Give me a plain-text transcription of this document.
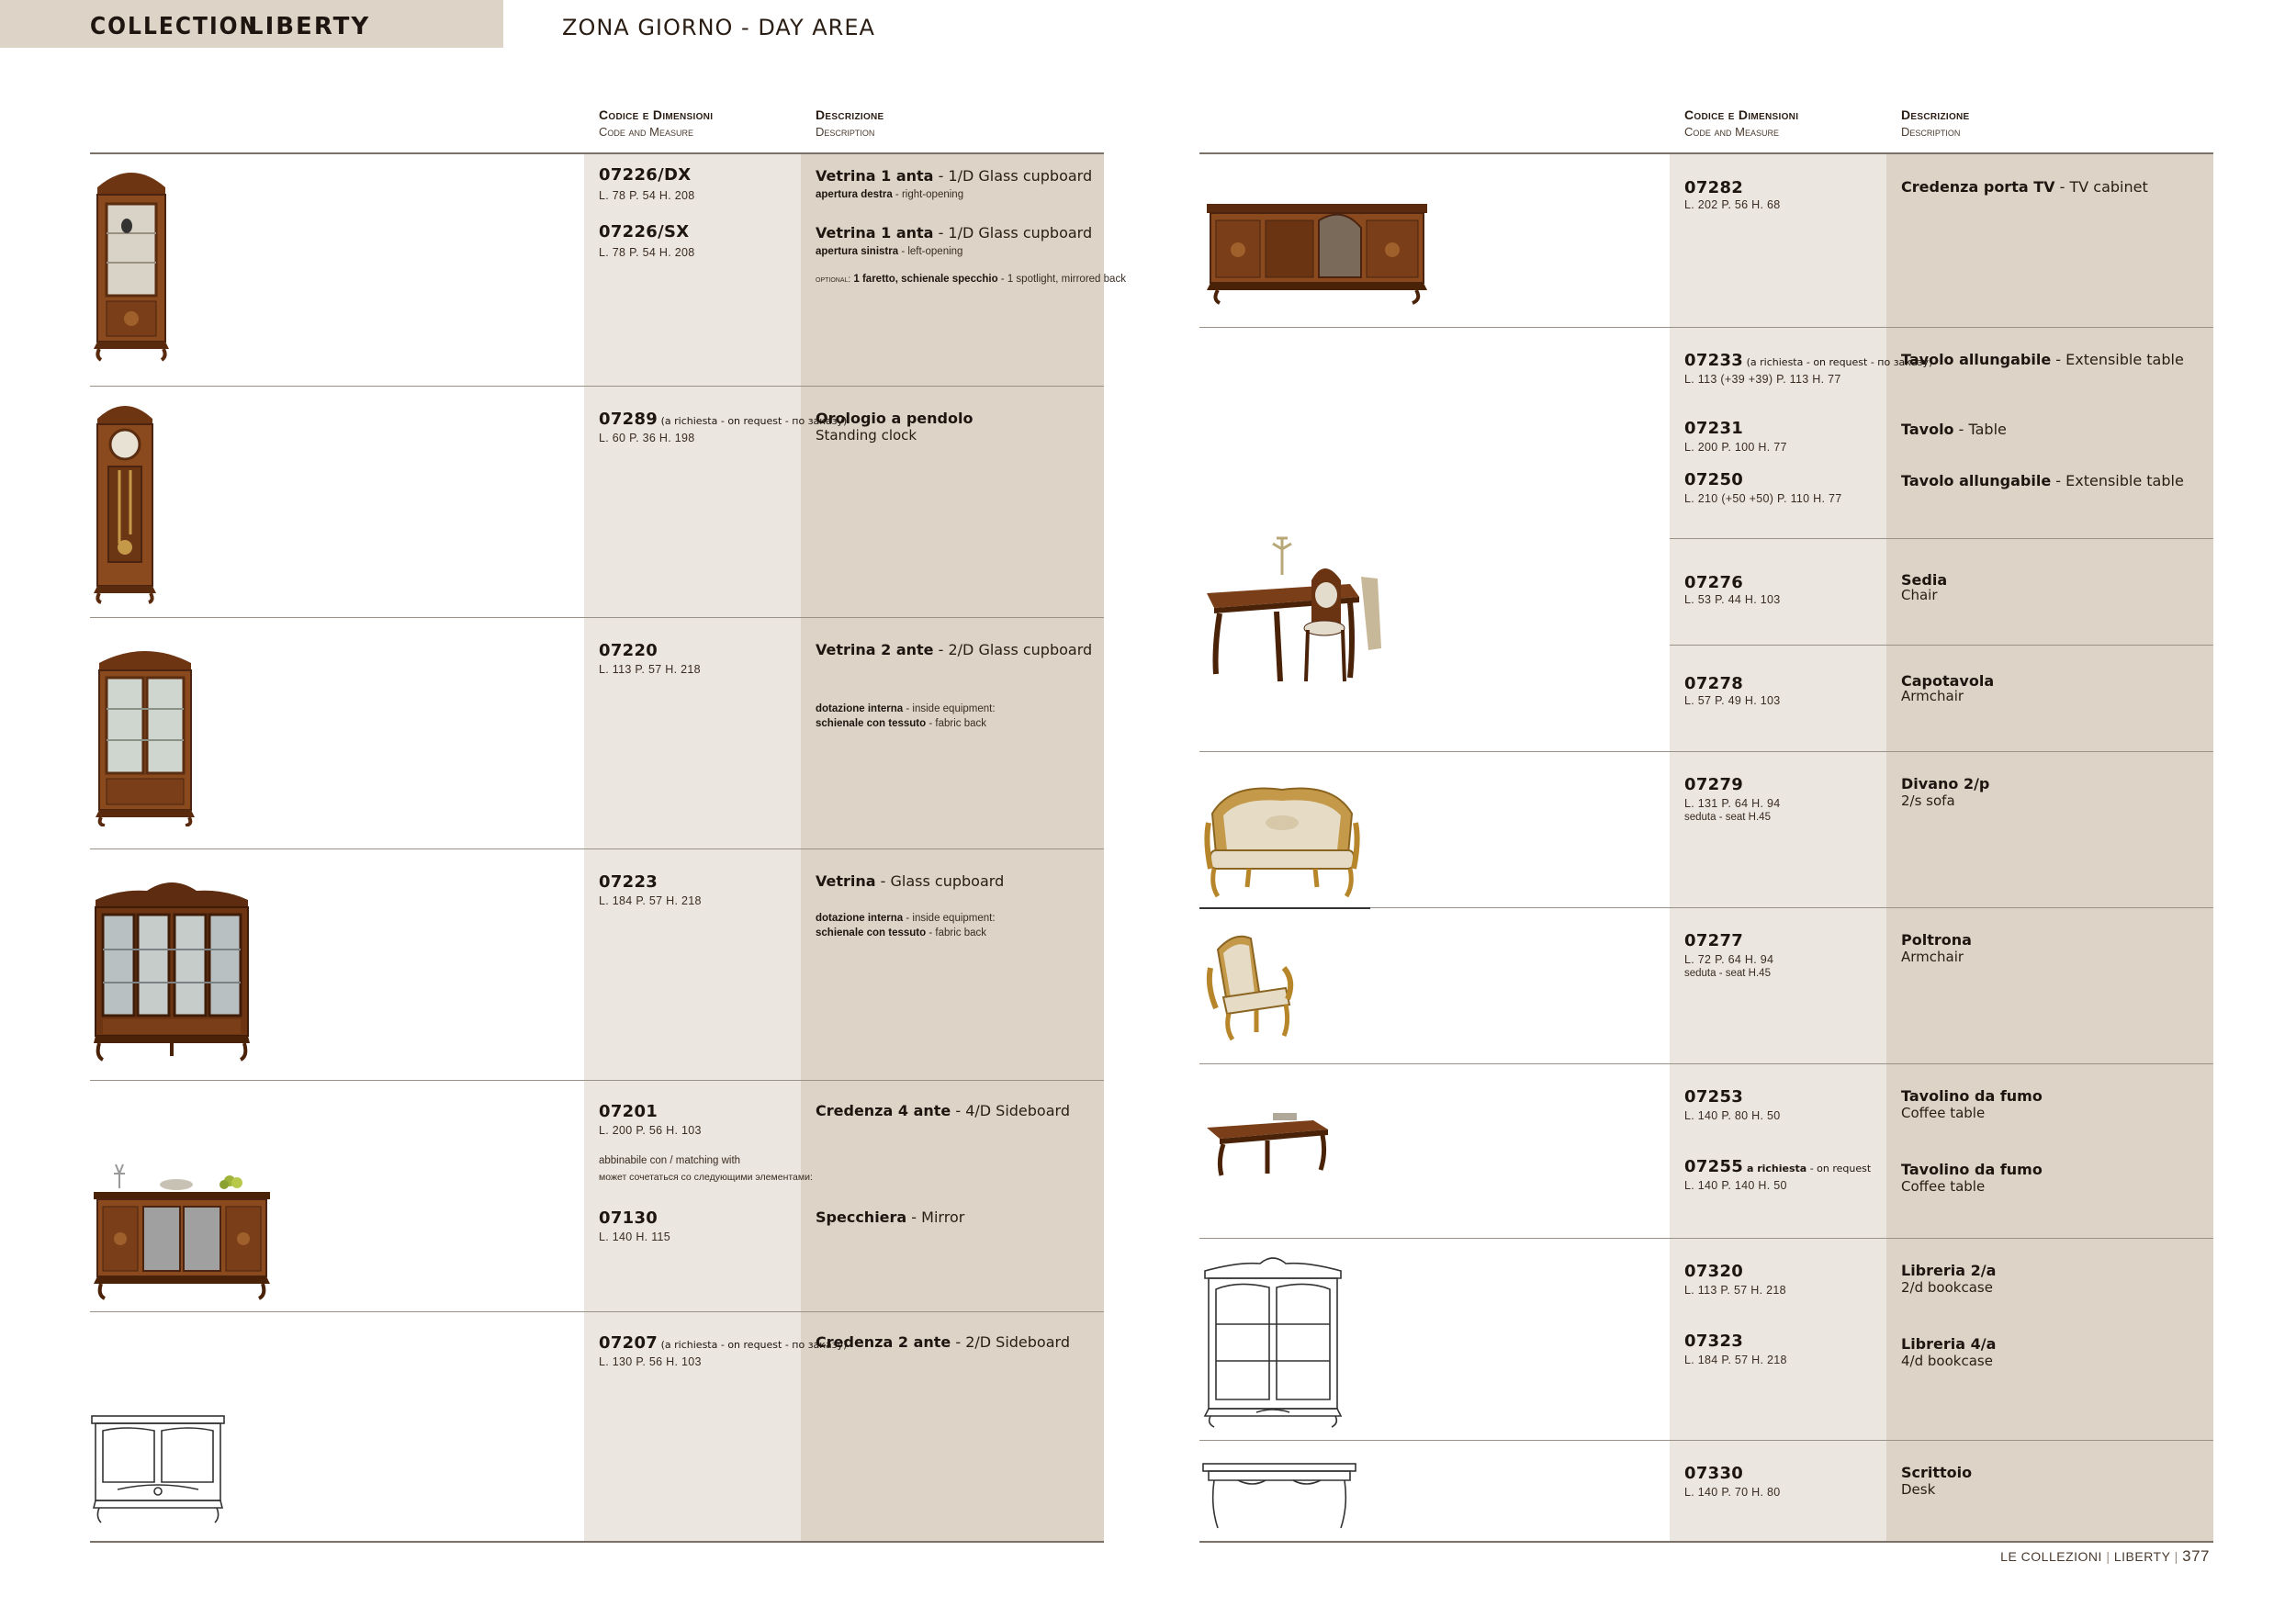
COLLECTION
LIBERTY	ZONA GIORNO - DAY AREA
Codice e Dimensioni
Code and Measure
Descrizione
Description
Codice e Dimensioni
Code and Measure
Descrizione
Description
07226/DX
L. 78 P. 54 H. 208
07226/SX
L. 78 P. 54 H. 208
Vetrina 1 anta - 1/D Glass cupboard
apertura destra - right-opening
Vetrina 1 anta - 1/D Glass cupboard
apertura sinistra - left-opening
optional: 1 faretto, schienale specchio - 1 spotlight, mirrored back
07289 (a richiesta - on request - по заказу)
L. 60 P. 36 H. 198
Orologio a pendolo
Standing clock
07220
L. 113 P. 57 H. 218
Vetrina 2 ante - 2/D Glass cupboard
dotazione interna - inside equipment:
schienale con tessuto - fabric back
07223
L. 184 P. 57 H. 218
Vetrina - Glass cupboard
dotazione interna - inside equipment:
schienale con tessuto - fabric back
07201
L. 200 P. 56 H. 103
abbinabile con / matching with
может сочетаться со следующими элементами:
07130
L. 140 H. 115
Credenza 4 ante - 4/D Sideboard
Specchiera - Mirror
07207 (a richiesta - on request - по заказу)
L. 130 P. 56 H. 103
Credenza 2 ante - 2/D Sideboard
07282
L. 202 P. 56 H. 68
Credenza porta TV - TV cabinet
07233 (a richiesta - on request - по заказу)
L. 113 (+39 +39) P. 113 H. 77
Tavolo allungabile - Extensible table
07231
L. 200 P. 100 H. 77
Tavolo - Table
07250
L. 210 (+50 +50) P. 110 H. 77
Tavolo allungabile - Extensible table
07276
L. 53 P. 44 H. 103
Sedia
Chair
07278
L. 57 P. 49 H. 103
Capotavola
Armchair
07279
L. 131 P. 64 H. 94
seduta - seat H.45
Divano 2/p
2/s sofa
07277
L. 72 P. 64 H. 94
seduta - seat H.45
Poltrona
Armchair
07253
L. 140 P. 80 H. 50
Tavolino da fumo
Coffee table
07255 a richiesta - on request
L. 140 P. 140 H. 50
Tavolino da fumo
Coffee table
07320
L. 113 P. 57 H. 218
Libreria 2/a
2/d bookcase
07323
L. 184 P. 57 H. 218
Libreria 4/a
4/d bookcase
07330
L. 140 P. 70 H. 80
Scrittoio
Desk
LE COLLEZIONI | LIBERTY | 377
